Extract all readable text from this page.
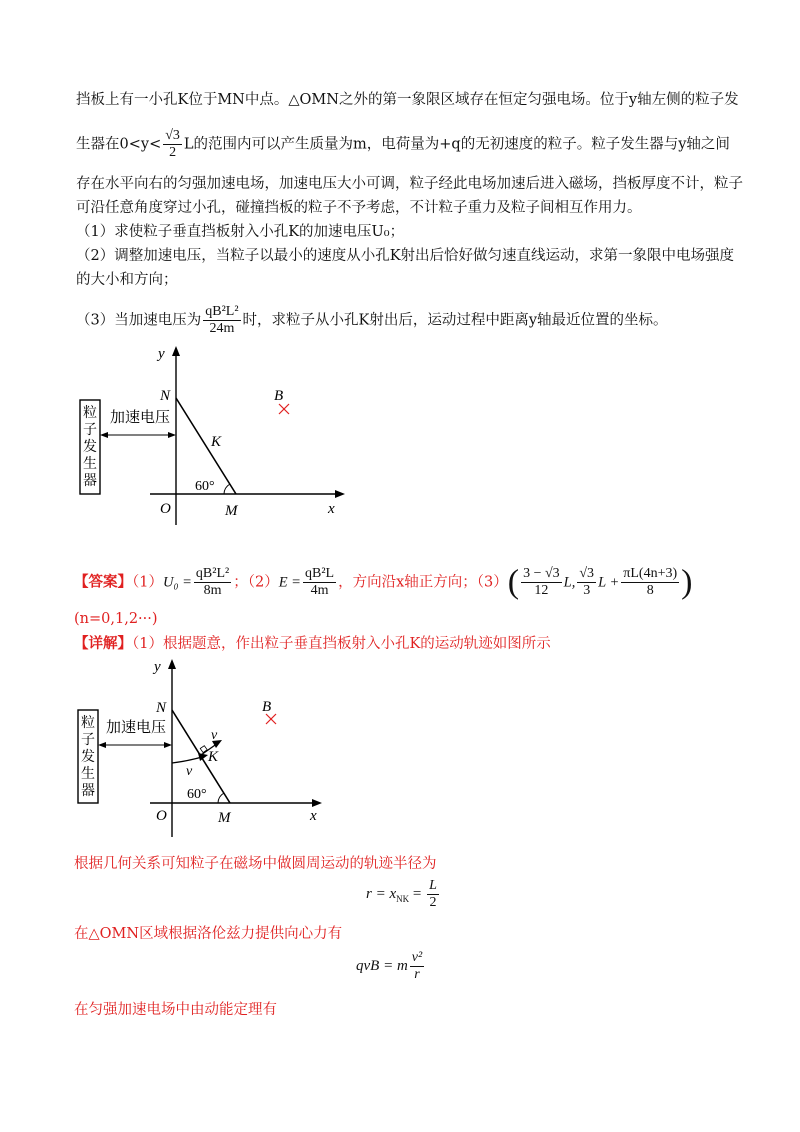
挡板上有一小孔K位于MN中点。△OMN之外的第一象限区域存在恒定匀强电场。位于y轴左侧的粒子发
生器在$0<y< \frac{√3}{2}$ L的范围内可以产生质量为m，电荷量为+q的无初速度的粒子。粒子发生器与y轴之间
存在水平向右的匀强加速电场，加速电压大小可调，粒子经此电场加速后进入磁场，挡板厚度不计，粒子
可沿任意角度穿过小孔，碰撞挡板的粒子不予考虑，不计粒子重力及粒子间相互作用力。
（1）求使粒子垂直挡板射入小孔K的加速电压U₀；
（2）调整加速电压，当粒子以最小的速度从小孔K射出后恰好做匀速直线运动，求第一象限中电场强度
的大小和方向；
（3）当加速电压为 $\frac{\text{qB²L²}}{24m}$ 时，求粒子从小孔K射出后，运动过程中距离y轴最近位置的坐标。
粒
子
发
生
器
加速电压
y
N
K
60°
O	M	x
B
【答案】$(1)U_0 = \frac{\text{qB²L²}}{8m}$ ；$(2)E = \frac{\text{qB²L}}{4m}$ ，方向沿x轴正方向；$(3)( \frac{3 - √3}{12} L$, $\frac{√3}{3}$ $L + \frac{\pi L(4n+3)}{8}$ )
(n=0,1,2···)
【详解】（1）根据题意，作出粒子垂直挡板射入小孔K的运动轨迹如图所示
粒
子
发
生
器
加速电压
y
N
v
K
v
60°
O	M	x
B
根据几何关系可知粒子在磁场中做圆周运动的轨迹半径为
$r = x_{NK} = \frac{L}{2}$
在△OMN区域根据洛伦兹力提供向心力有
qvB = m $\frac{\text{v²}}{r}$
在匀强加速电场中由动能定理有
